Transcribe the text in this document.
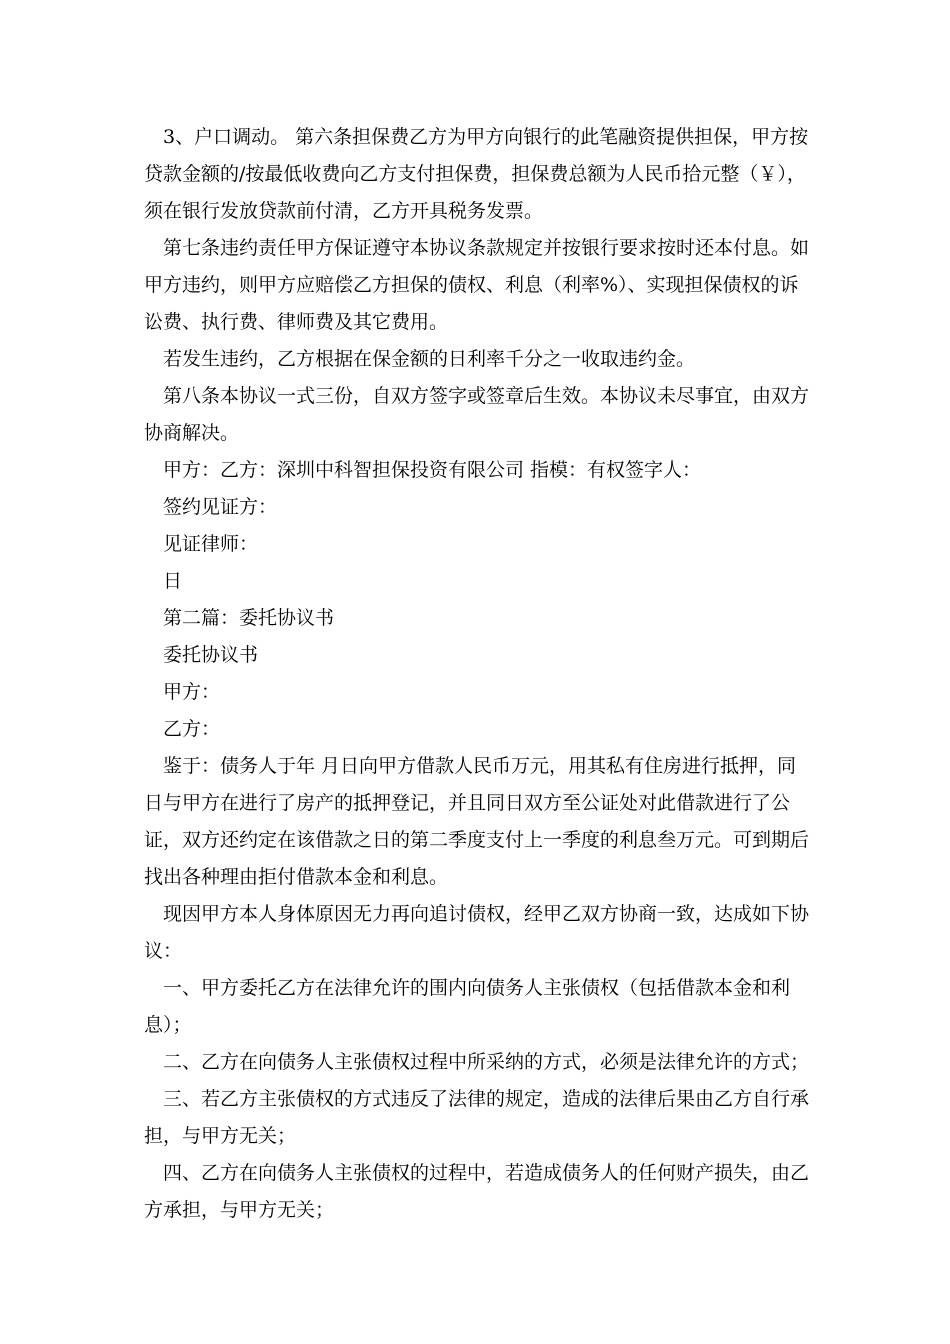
3、户口调动。 第六条担保费乙方为甲方向银行的此笔融资提供担保，甲方按贷款金额的/按最低收费向乙方支付担保费，担保费总额为人民币拾元整（￥），须在银行发放贷款前付清，乙方开具税务发票。

第七条违约责任甲方保证遵守本协议条款规定并按银行要求按时还本付息。如甲方违约，则甲方应赔偿乙方担保的债权、利息（利率%）、实现担保债权的诉讼费、执行费、律师费及其它费用。

若发生违约，乙方根据在保金额的日利率千分之一收取违约金。

第八条本协议一式三份，自双方签字或签章后生效。本协议未尽事宜，由双方协商解决。

甲方：乙方：深圳中科智担保投资有限公司 指模：有权签字人：

签约见证方：

见证律师：

日

第二篇：委托协议书

委托协议书

甲方：

乙方：

鉴于：债务人于年 月日向甲方借款人民币万元，用其私有住房进行抵押，同日与甲方在进行了房产的抵押登记，并且同日双方至公证处对此借款进行了公证，双方还约定在该借款之日的第二季度支付上一季度的利息叁万元。可到期后找出各种理由拒付借款本金和利息。

现因甲方本人身体原因无力再向追讨债权，经甲乙双方协商一致，达成如下协议：

一、甲方委托乙方在法律允许的围内向债务人主张债权（包括借款本金和利息）；

二、乙方在向债务人主张债权过程中所采纳的方式，必须是法律允许的方式；

三、若乙方主张债权的方式违反了法律的规定，造成的法律后果由乙方自行承担，与甲方无关；

四、乙方在向债务人主张债权的过程中，若造成债务人的任何财产损失，由乙方承担，与甲方无关；
